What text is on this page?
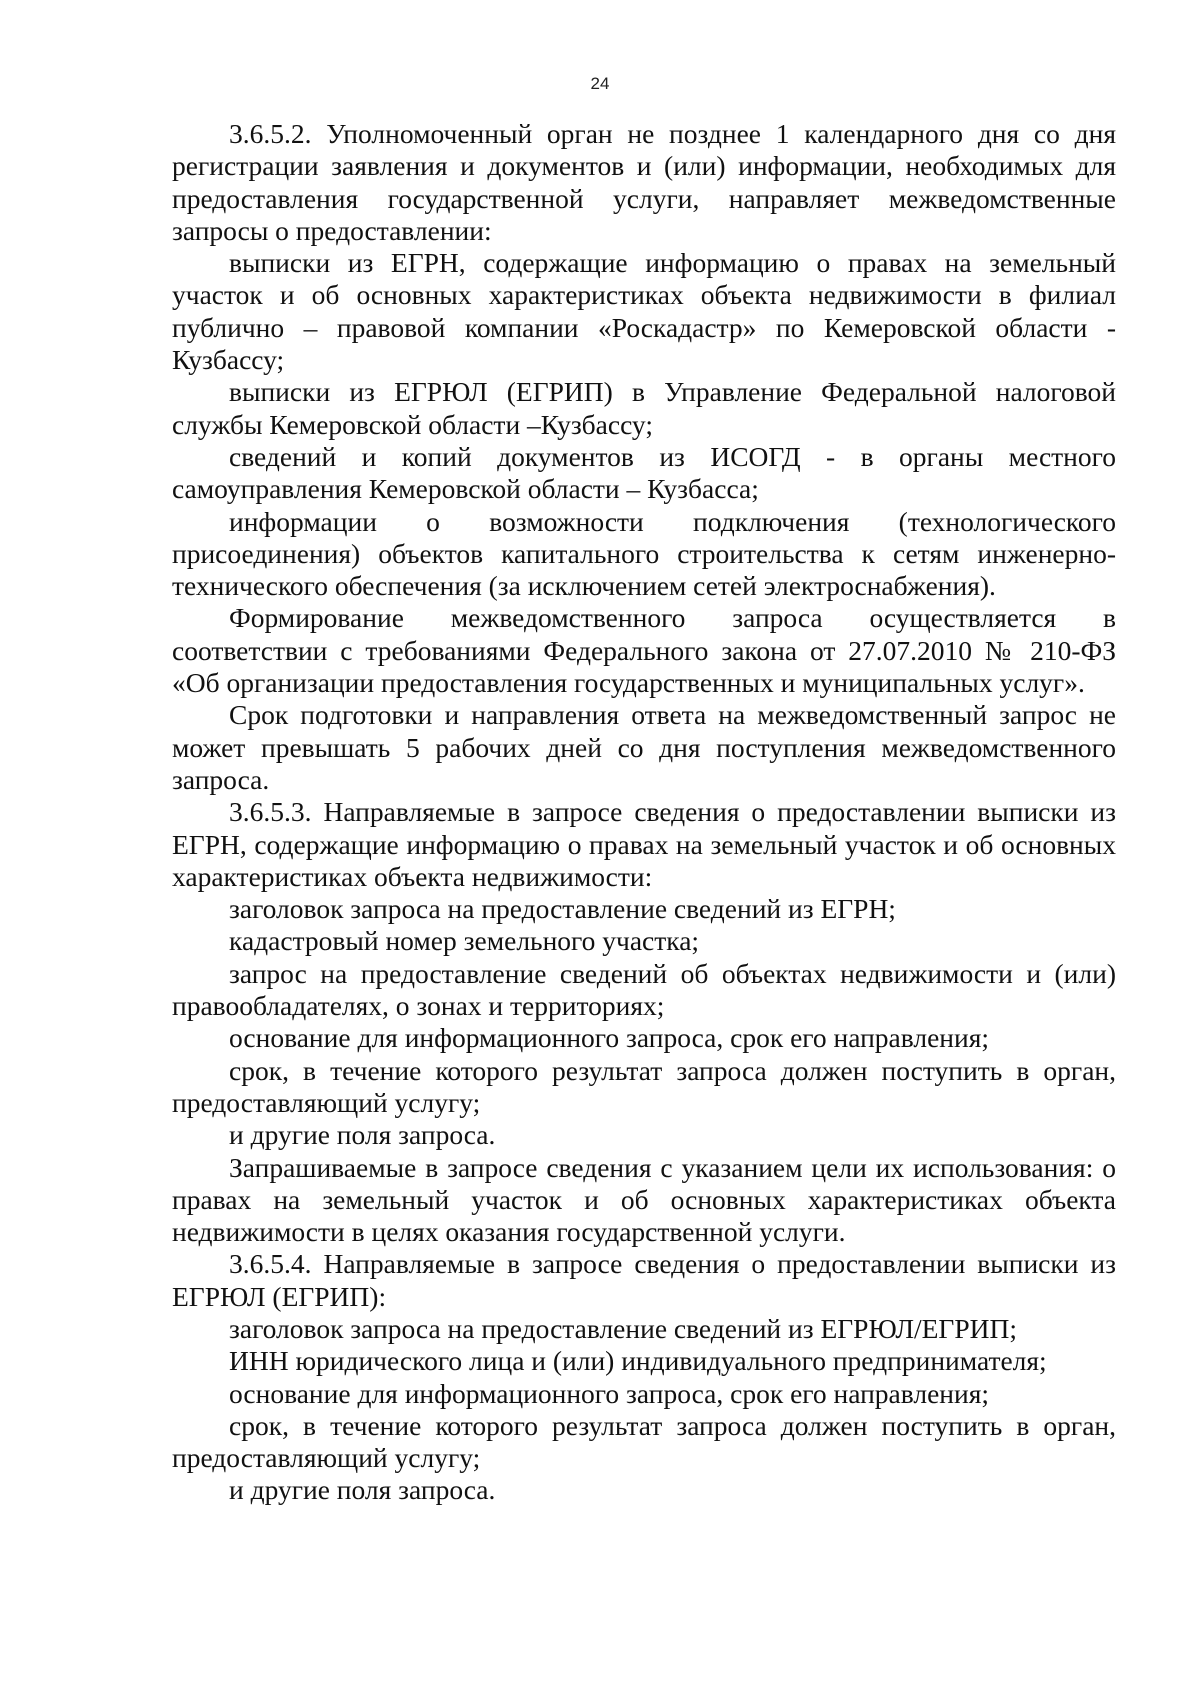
24

3.6.5.2. Уполномоченный орган не позднее 1 календарного дня со дня регистрации заявления и документов и (или) информации, необходимых для предоставления государственной услуги, направляет межведомственные запросы о предоставлении:

выписки из ЕГРН, содержащие информацию о правах на земельный участок и об основных характеристиках объекта недвижимости в филиал публично – правовой компании «Роскадастр» по Кемеровской области - Кузбассу;

выписки из ЕГРЮЛ (ЕГРИП) в Управление Федеральной налоговой службы Кемеровской области –Кузбассу;

сведений и копий документов из ИСОГД - в органы местного самоуправления Кемеровской области – Кузбасса;

информации о возможности подключения (технологического присоединения) объектов капитального строительства к сетям инженерно-технического обеспечения (за исключением сетей электроснабжения).

Формирование межведомственного запроса осуществляется в соответствии с требованиями Федерального закона от 27.07.2010 № 210-ФЗ «Об организации предоставления государственных и муниципальных услуг».

Срок подготовки и направления ответа на межведомственный запрос не может превышать 5 рабочих дней со дня поступления межведомственного запроса.

3.6.5.3. Направляемые в запросе сведения о предоставлении выписки из ЕГРН, содержащие информацию о правах на земельный участок и об основных характеристиках объекта недвижимости:

заголовок запроса на предоставление сведений из ЕГРН;

кадастровый номер земельного участка;

запрос на предоставление сведений об объектах недвижимости и (или) правообладателях, о зонах и территориях;

основание для информационного запроса, срок его направления;

срок, в течение которого результат запроса должен поступить в орган, предоставляющий услугу;

и другие поля запроса.

Запрашиваемые в запросе сведения с указанием цели их использования: о правах на земельный участок и об основных характеристиках объекта недвижимости в целях оказания государственной услуги.

3.6.5.4. Направляемые в запросе сведения о предоставлении выписки из ЕГРЮЛ (ЕГРИП):

заголовок запроса на предоставление сведений из ЕГРЮЛ/ЕГРИП;

ИНН юридического лица и (или) индивидуального предпринимателя;

основание для информационного запроса, срок его направления;

срок, в течение которого результат запроса должен поступить в орган, предоставляющий услугу;

и другие поля запроса.
